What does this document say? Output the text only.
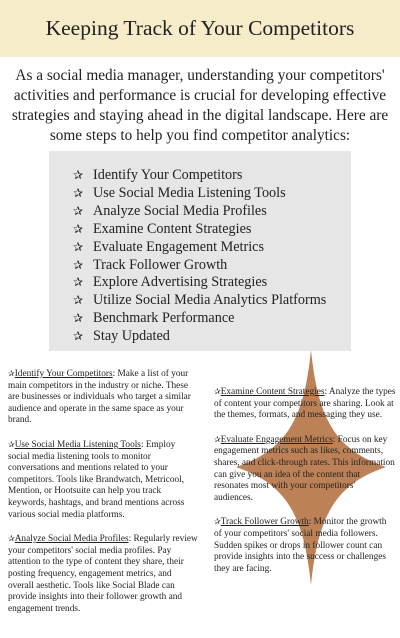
Keeping Track of Your Competitors

As a social media manager, understanding your competitors' activities and performance is crucial for developing effective strategies and staying ahead in the digital landscape. Here are some steps to help you find competitor analytics:

✰ Identify Your Competitors
✰ Use Social Media Listening Tools
✰ Analyze Social Media Profiles
✰ Examine Content Strategies
✰ Evaluate Engagement Metrics
✰ Track Follower Growth
✰ Explore Advertising Strategies
✰ Utilize Social Media Analytics Platforms
✰ Benchmark Performance
✰ Stay Updated

✰Identify Your Competitors: Make a list of your main competitors in the industry or niche. These are businesses or individuals who target a similar audience and operate in the same space as your brand.

✰Use Social Media Listening Tools: Employ social media listening tools to monitor conversations and mentions related to your competitors. Tools like Brandwatch, Metricool, Mention, or Hootsuite can help you track keywords, hashtags, and brand mentions across various social media platforms.

✰Analyze Social Media Profiles: Regularly review your competitors' social media profiles. Pay attention to the type of content they share, their posting frequency, engagement metrics, and overall aesthetic. Tools like Social Blade can provide insights into their follower growth and engagement trends.

✰Examine Content Strategies: Analyze the types of content your competitors are sharing. Look at the themes, formats, and messaging they use.

✰Evaluate Engagement Metrics: Focus on key engagement metrics such as likes, comments, shares, and click-through rates. This information can give you an idea of the content that resonates most with your competitors' audiences.

✰Track Follower Growth: Monitor the growth of your competitors' social media followers. Sudden spikes or drops in follower count can provide insights into the success or challenges they are facing.
